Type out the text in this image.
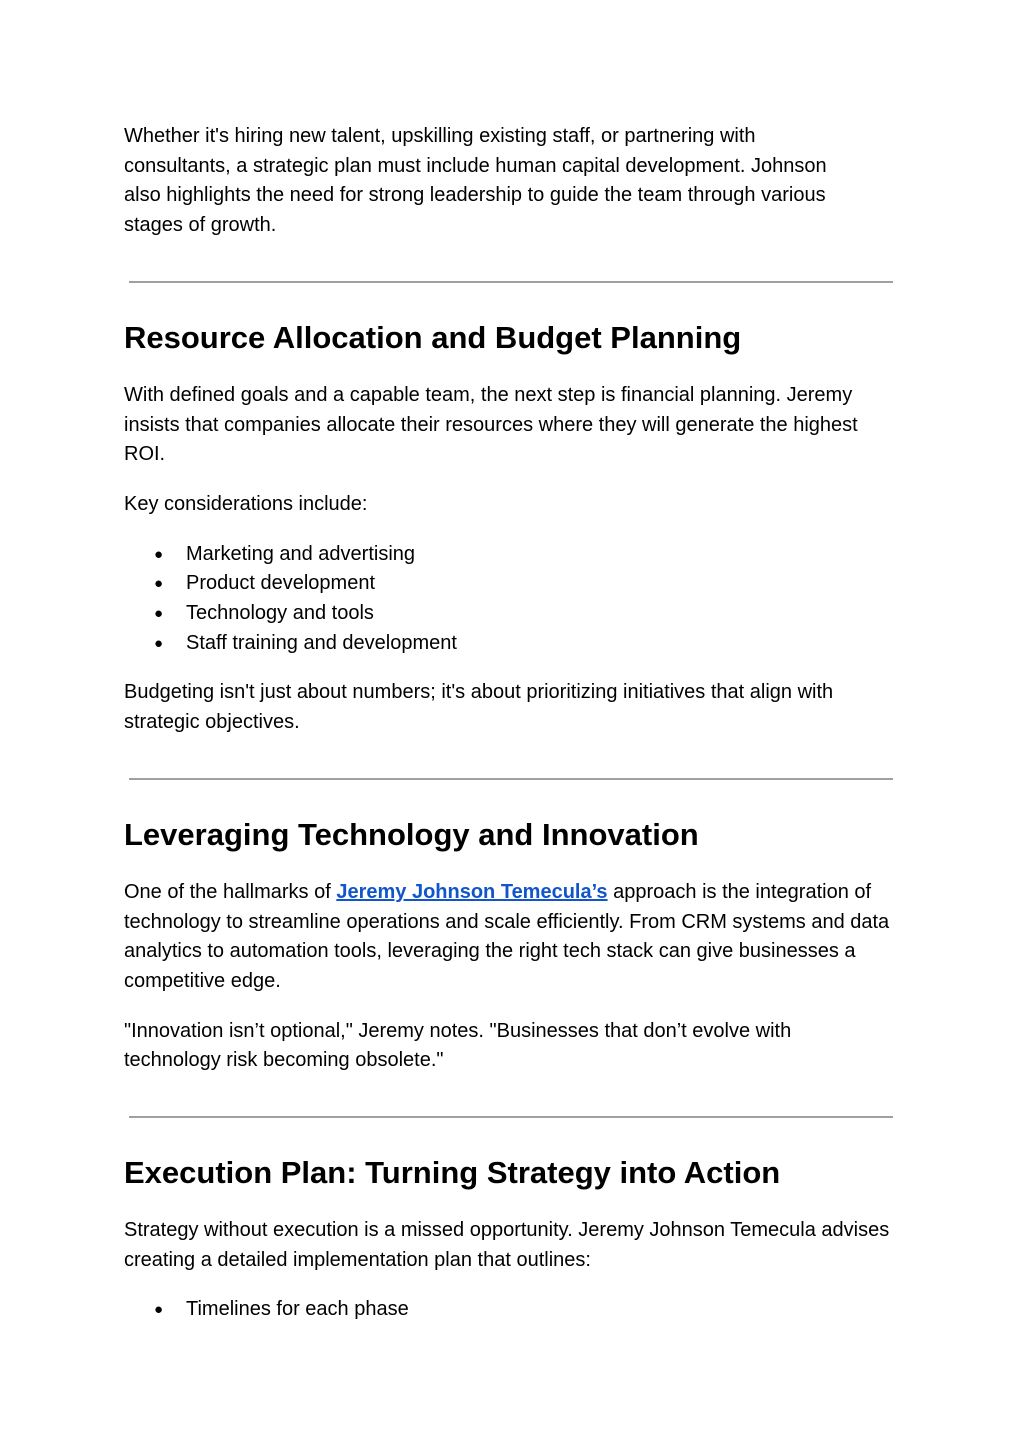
Whether it's hiring new talent, upskilling existing staff, or partnering with consultants, a strategic plan must include human capital development. Johnson also highlights the need for strong leadership to guide the team through various stages of growth.

Resource Allocation and Budget Planning

With defined goals and a capable team, the next step is financial planning. Jeremy insists that companies allocate their resources where they will generate the highest ROI.

Key considerations include:

● Marketing and advertising
● Product development
● Technology and tools
● Staff training and development

Budgeting isn't just about numbers; it's about prioritizing initiatives that align with strategic objectives.

Leveraging Technology and Innovation

One of the hallmarks of Jeremy Johnson Temecula’s approach is the integration of technology to streamline operations and scale efficiently. From CRM systems and data analytics to automation tools, leveraging the right tech stack can give businesses a competitive edge.

"Innovation isn’t optional," Jeremy notes. "Businesses that don’t evolve with technology risk becoming obsolete."

Execution Plan: Turning Strategy into Action

Strategy without execution is a missed opportunity. Jeremy Johnson Temecula advises creating a detailed implementation plan that outlines:

● Timelines for each phase
